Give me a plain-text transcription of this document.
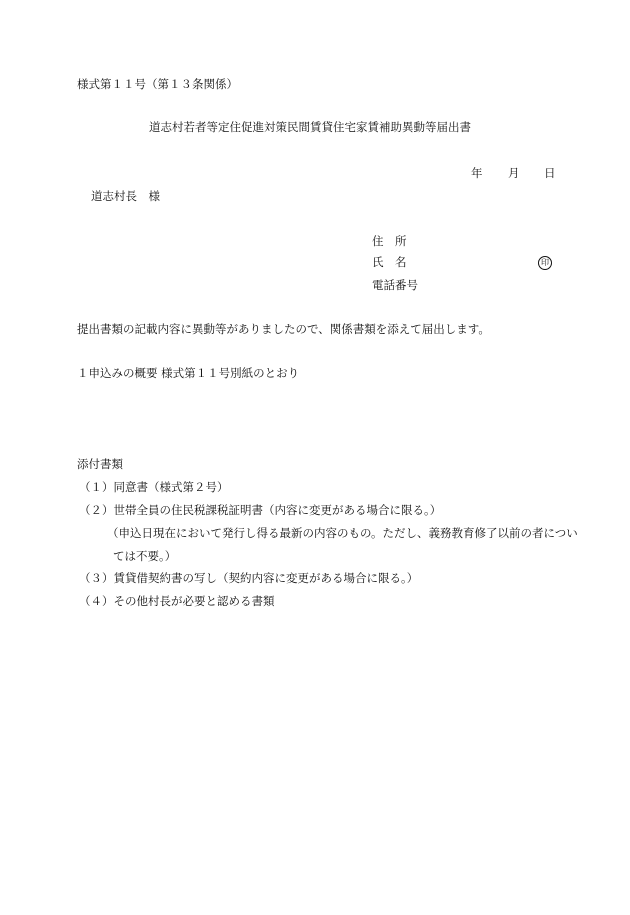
様式第１１号（第１３条関係）
道志村若者等定住促進対策民間賃貸住宅家賃補助異動等届出書
年 月 日
道志村長　様
住　所
氏　名	印
電話番号
提出書類の記載内容に異動等がありましたので、関係書類を添えて届出します。
１申込みの概要 様式第１１号別紙のとおり
添付書類
（１）同意書（様式第２号）
（２）世帯全員の住民税課税証明書（内容に変更がある場合に限る。）
（申込日現在において発行し得る最新の内容のもの。ただし、義務教育修了以前の者につい
ては不要。）
（３）賃貸借契約書の写し（契約内容に変更がある場合に限る。）
（４）その他村長が必要と認める書類
